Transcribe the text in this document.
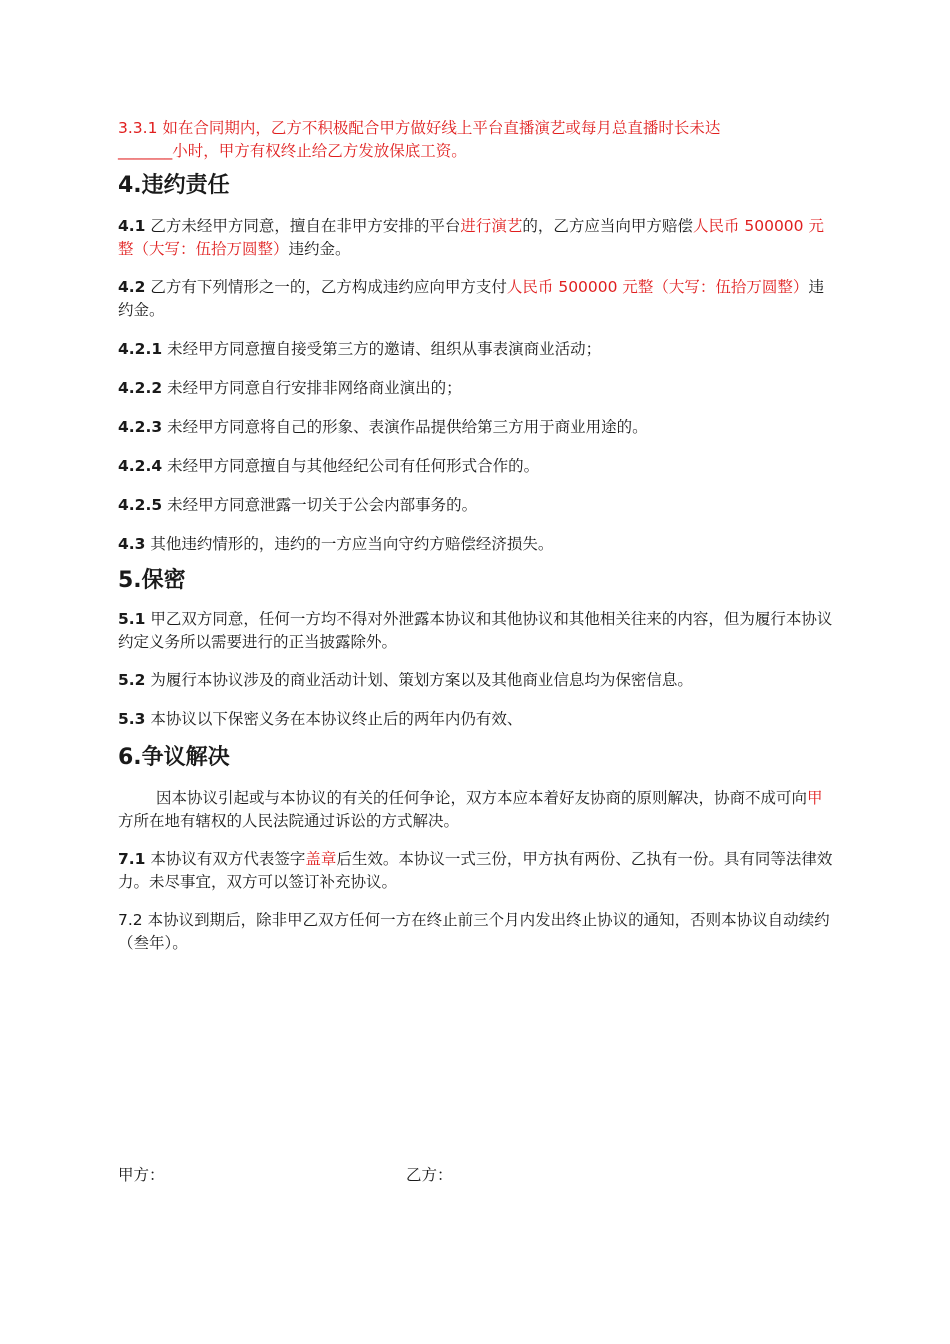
3.3.1 如在合同期内，乙方不积极配合甲方做好线上平台直播演艺或每月总直播时长未达
_______小时，甲方有权终止给乙方发放保底工资。

4.违约责任

4.1 乙方未经甲方同意，擅自在非甲方安排的平台进行演艺的，乙方应当向甲方赔偿人民币 500000 元整（大写：伍拾万圆整）违约金。

4.2 乙方有下列情形之一的，乙方构成违约应向甲方支付人民币 500000 元整（大写：伍拾万圆整）违约金。

4.2.1 未经甲方同意擅自接受第三方的邀请、组织从事表演商业活动；

4.2.2 未经甲方同意自行安排非网络商业演出的；

4.2.3 未经甲方同意将自己的形象、表演作品提供给第三方用于商业用途的。

4.2.4 未经甲方同意擅自与其他经纪公司有任何形式合作的。

4.2.5 未经甲方同意泄露一切关于公会内部事务的。

4.3 其他违约情形的，违约的一方应当向守约方赔偿经济损失。

5.保密

5.1 甲乙双方同意，任何一方均不得对外泄露本协议和其他协议和其他相关往来的内容，但为履行本协议约定义务所以需要进行的正当披露除外。

5.2 为履行本协议涉及的商业活动计划、策划方案以及其他商业信息均为保密信息。

5.3 本协议以下保密义务在本协议终止后的两年内仍有效、

6.争议解决

因本协议引起或与本协议的有关的任何争论，双方本应本着好友协商的原则解决，协商不成可向甲方所在地有辖权的人民法院通过诉讼的方式解决。

7.1 本协议有双方代表签字盖章后生效。本协议一式三份，甲方执有两份、乙执有一份。具有同等法律效力。未尽事宜，双方可以签订补充协议。

7.2 本协议到期后，除非甲乙双方任何一方在终止前三个月内发出终止协议的通知，否则本协议自动续约（叁年）。

甲方：	乙方：
